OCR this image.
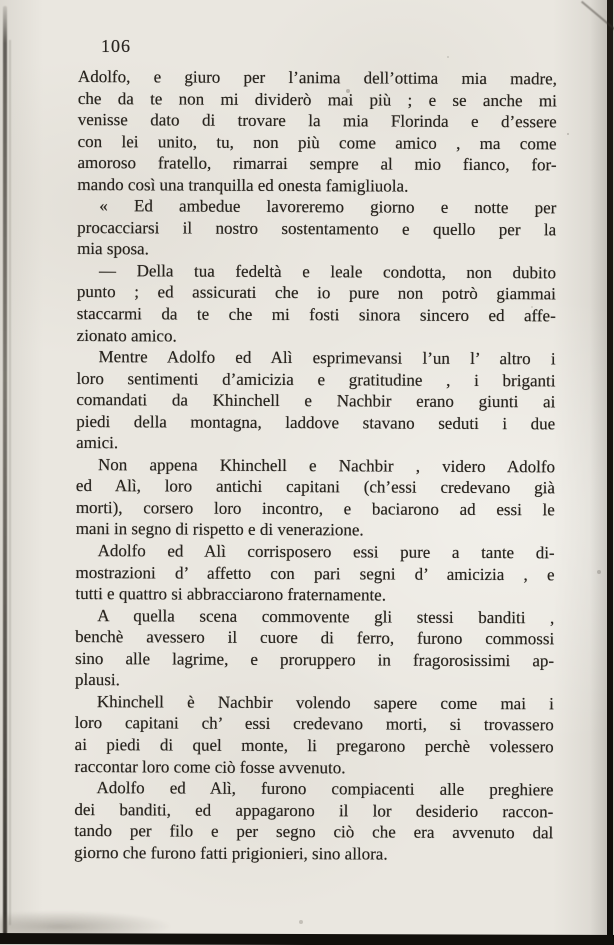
106
Adolfo, e giuro per l’anima dell’ottima mia madre,
che da te non mi dividerò mai più ; e se anche mi
venisse dato di trovare la mia Florinda e d’essere
con lei unito, tu, non più come amico , ma come
amoroso fratello, rimarrai sempre al mio fianco, for-
mando così una tranquilla ed onesta famigliuola.
« Ed ambedue lavoreremo giorno e notte per
procacciarsi il nostro sostentamento e quello per la
mia sposa.
— Della tua fedeltà e leale condotta, non dubito
punto ; ed assicurati che io pure non potrò giammai
staccarmi da te che mi fosti sinora sincero ed affe-
zionato amico.
Mentre Adolfo ed Alì esprimevansi l’un l’ altro i
loro sentimenti d’amicizia e gratitudine , i briganti
comandati da Khinchell e Nachbir erano giunti ai
piedi della montagna, laddove stavano seduti i due
amici.
Non appena Khinchell e Nachbir , videro Adolfo
ed Alì, loro antichi capitani (ch’essi credevano già
morti), corsero loro incontro, e baciarono ad essi le
mani in segno di rispetto e di venerazione.
Adolfo ed Alì corrisposero essi pure a tante di-
mostrazioni d’ affetto con pari segni d’ amicizia , e
tutti e quattro si abbracciarono fraternamente.
A quella scena commovente gli stessi banditi ,
benchè avessero il cuore di ferro, furono commossi
sino alle lagrime, e proruppero in fragorosissimi ap-
plausi.
Khinchell è Nachbir volendo sapere come mai i
loro capitani ch’ essi credevano morti, si trovassero
ai piedi di quel monte, li pregarono perchè volessero
raccontar loro come ciò fosse avvenuto.
Adolfo ed Alì, furono compiacenti alle preghiere
dei banditi, ed appagarono il lor desiderio raccon-
tando per filo e per segno ciò che era avvenuto dal
giorno che furono fatti prigionieri, sino allora.
